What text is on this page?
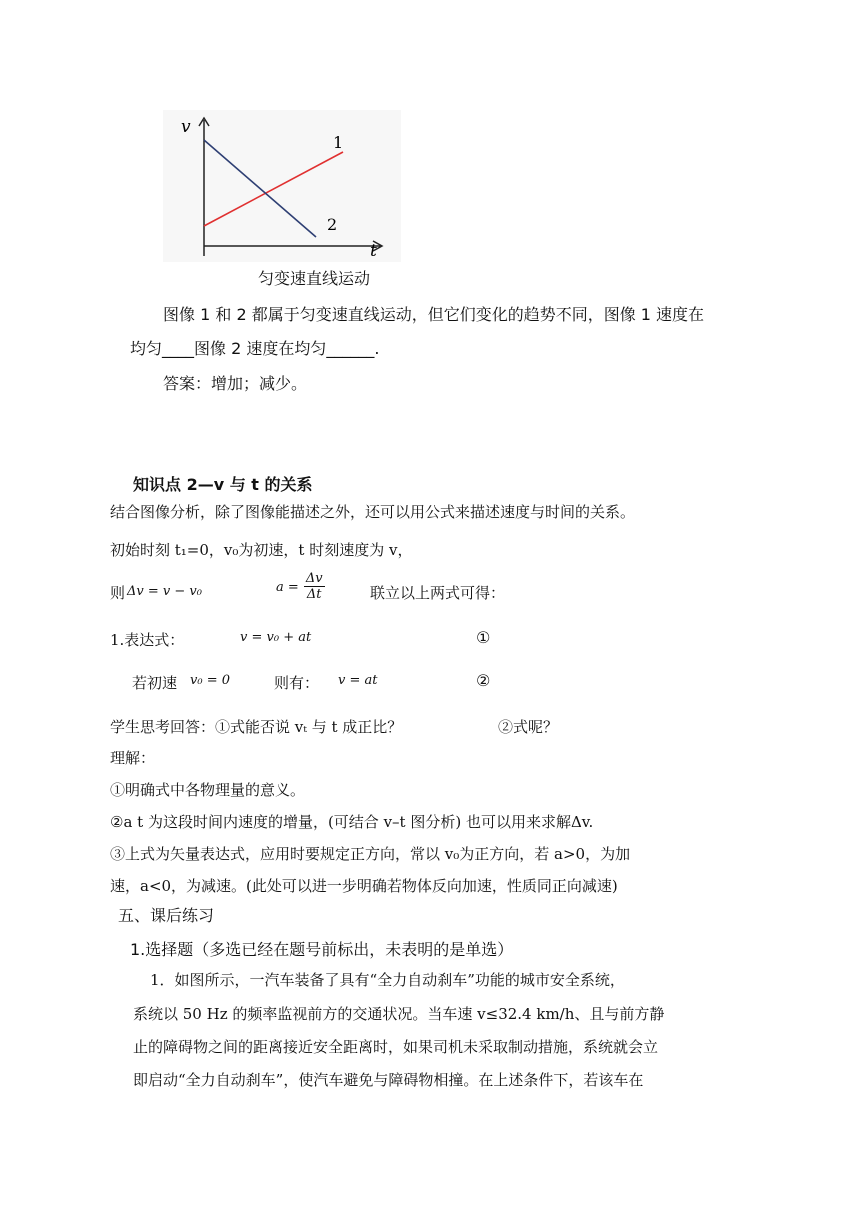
v
t
1
2
匀变速直线运动
图像 1 和 2 都属于匀变速直线运动，但它们变化的趋势不同，图像 1 速度在
均匀____图像 2 速度在均匀______.
答案：增加；减少。
知识点 2—v 与 t 的关系
结合图像分析，除了图像能描述之外，还可以用公式来描述速度与时间的关系。
初始时刻 t₁=0，v₀为初速，t 时刻速度为 v，
则 Δv = v − v₀	$a = \frac{\Delta v}{\Delta t}$	联立以上两式可得：
1.表达式：	v = v₀ + at	①
若初速 v₀ = 0	则有： v = at	②
学生思考回答：①式能否说 vₜ 与 t 成正比？	②式呢？
理解：
①明确式中各物理量的意义。
②a t 为这段时间内速度的增量，(可结合 v–t 图分析) 也可以用来求解Δv.
③上式为矢量表达式，应用时要规定正方向，常以 v₀为正方向，若 a>0，为加
速，a<0，为减速。(此处可以进一步明确若物体反向加速，性质同正向减速)
五、课后练习
1.选择题（多选已经在题号前标出，未表明的是单选）
1．如图所示，一汽车装备了具有“全力自动刹车”功能的城市安全系统，
系统以 50 Hz 的频率监视前方的交通状况。当车速 v≤32.4 km/h、且与前方静
止的障碍物之间的距离接近安全距离时，如果司机未采取制动措施，系统就会立
即启动“全力自动刹车”，使汽车避免与障碍物相撞。在上述条件下，若该车在
